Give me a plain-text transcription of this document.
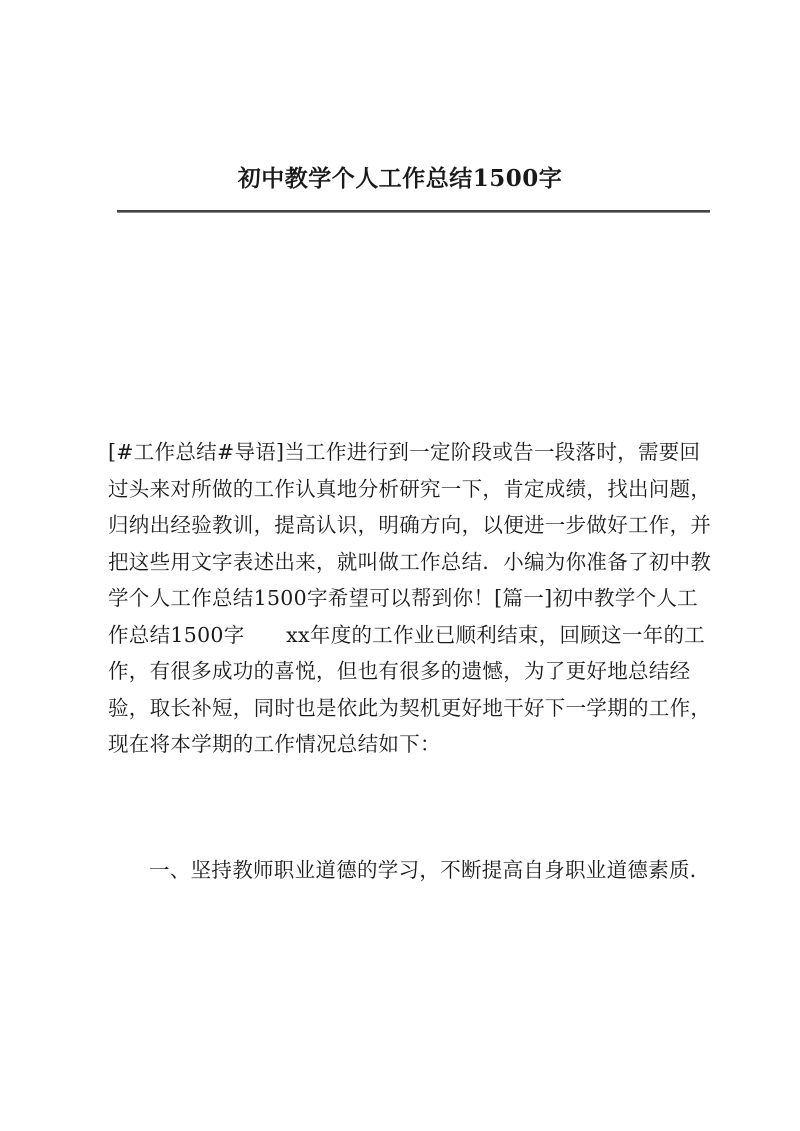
初中教学个人工作总结1500字

[#工作总结#导语]当工作进行到一定阶段或告一段落时，需要回过头来对所做的工作认真地分析研究一下，肯定成绩，找出问题，归纳出经验教训，提高认识，明确方向，以便进一步做好工作，并把这些用文字表述出来，就叫做工作总结．小编为你准备了初中教学个人工作总结1500字希望可以帮到你！[篇一]初中教学个人工作总结1500字　　xx年度的工作业已顺利结束，回顾这一年的工作，有很多成功的喜悦，但也有很多的遗憾，为了更好地总结经验，取长补短，同时也是依此为契机更好地干好下一学期的工作，现在将本学期的工作情况总结如下：

一、坚持教师职业道德的学习，不断提高自身职业道德素质．
